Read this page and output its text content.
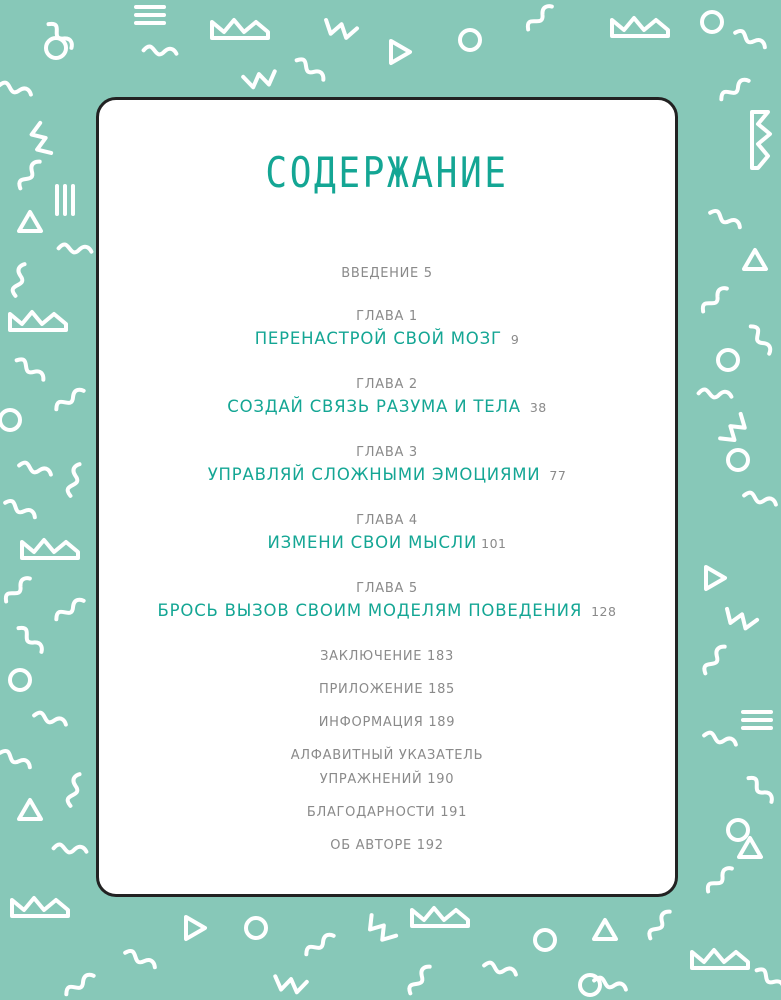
СОДЕРЖАНИЕ
ВВЕДЕНИЕ 5
ГЛАВА 1
ПЕРЕНАСТРОЙ СВОЙ МОЗГ 9
ГЛАВА 2
СОЗДАЙ СВЯЗЬ РАЗУМА И ТЕЛА 38
ГЛАВА 3
УПРАВЛЯЙ СЛОЖНЫМИ ЭМОЦИЯМИ 77
ГЛАВА 4
ИЗМЕНИ СВОИ МЫСЛИ 101
ГЛАВА 5
БРОСЬ ВЫЗОВ СВОИМ МОДЕЛЯМ ПОВЕДЕНИЯ 128
ЗАКЛЮЧЕНИЕ 183
ПРИЛОЖЕНИЕ 185
ИНФОРМАЦИЯ 189
АЛФАВИТНЫЙ УКАЗАТЕЛЬ
УПРАЖНЕНИЙ 190
БЛАГОДАРНОСТИ 191
ОБ АВТОРЕ 192
